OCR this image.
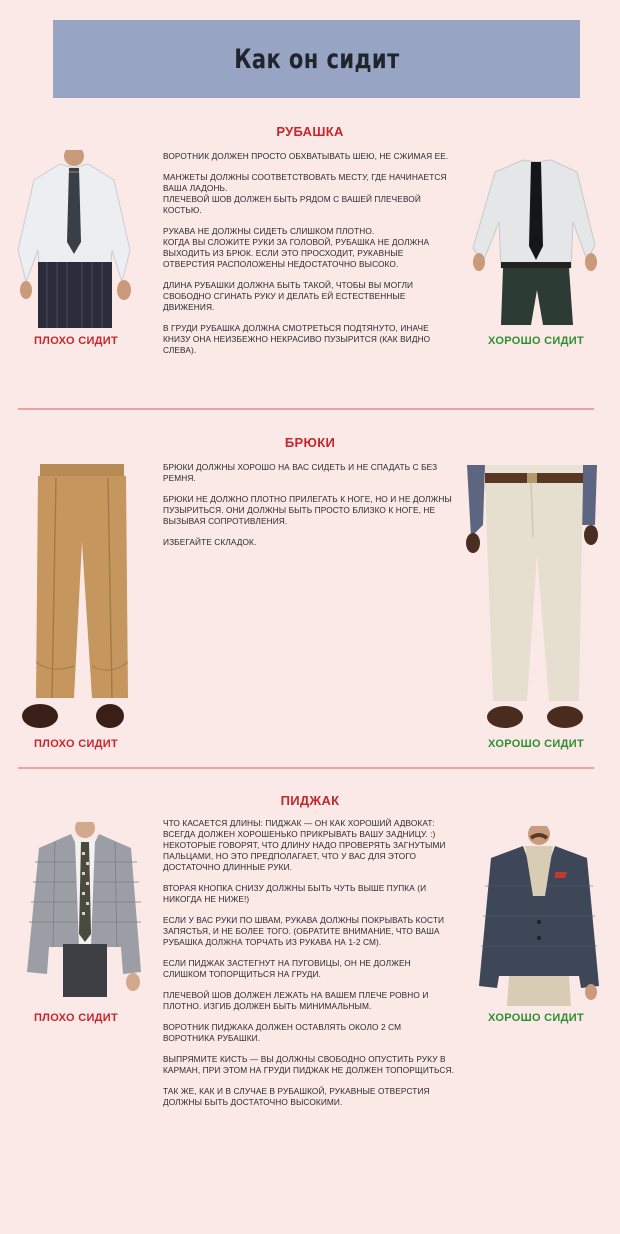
Как он сидит
РУБАШКА
ПЛОХО СИДИТ

ВОРОТНИК ДОЛЖЕН ПРОСТО ОБХВАТЫВАТЬ ШЕЮ, НЕ СЖИМАЯ ЕЕ.

МАНЖЕТЫ ДОЛЖНЫ СООТВЕТСТВОВАТЬ МЕСТУ, ГДЕ НАЧИНАЕТСЯ ВАША ЛАДОНЬ.
ПЛЕЧЕВОЙ ШОВ ДОЛЖЕН БЫТЬ РЯДОМ С ВАШЕЙ ПЛЕЧЕВОЙ КОСТЬЮ.

РУКАВА НЕ ДОЛЖНЫ СИДЕТЬ СЛИШКОМ ПЛОТНО.
КОГДА ВЫ СЛОЖИТЕ РУКИ ЗА ГОЛОВОЙ, РУБАШКА НЕ ДОЛЖНА ВЫХОДИТЬ ИЗ БРЮК. ЕСЛИ ЭТО ПРОСХОДИТ, РУКАВНЫЕ ОТВЕРСТИЯ РАСПОЛОЖЕНЫ НЕДОСТАТОЧНО ВЫСОКО.

ДЛИНА РУБАШКИ ДОЛЖНА БЫТЬ ТАКОЙ, ЧТОБЫ ВЫ МОГЛИ СВОБОДНО СГИНАТЬ РУКУ И ДЕЛАТЬ ЕЙ ЕСТЕСТВЕННЫЕ ДВИЖЕНИЯ.

В ГРУДИ РУБАШКА ДОЛЖНА СМОТРЕТЬСЯ ПОДТЯНУТО, ИНАЧЕ КНИЗУ ОНА НЕИЗБЕЖНО НЕКРАСИВО ПУЗЫРИТСЯ (КАК ВИДНО СЛЕВА).

ХОРОШО СИДИТ
БРЮКИ
ПЛОХО СИДИТ

БРЮКИ ДОЛЖНЫ ХОРОШО НА ВАС СИДЕТЬ И НЕ СПАДАТЬ С БЕЗ РЕМНЯ.

БРЮКИ НЕ ДОЛЖНО ПЛОТНО ПРИЛЕГАТЬ К НОГЕ, НО И НЕ ДОЛЖНЫ ПУЗЫРИТЬСЯ. ОНИ ДОЛЖНЫ БЫТЬ ПРОСТО БЛИЗКО К НОГЕ, НЕ ВЫЗЫВАЯ СОПРОТИВЛЕНИЯ.

ИЗБЕГАЙТЕ СКЛАДОК.

ХОРОШО СИДИТ
ПИДЖАК
ПЛОХО СИДИТ

ЧТО КАСАЕТСЯ ДЛИНЫ: ПИДЖАК — ОН КАК ХОРОШИЙ АДВОКАТ: ВСЕГДА ДОЛЖЕН ХОРОШЕНЬКО ПРИКРЫВАТЬ ВАШУ ЗАДНИЦУ. :) НЕКОТОРЫЕ ГОВОРЯТ, ЧТО ДЛИНУ НАДО ПРОВЕРЯТЬ ЗАГНУТЫМИ ПАЛЬЦАМИ, НО ЭТО ПРЕДПОЛАГАЕТ, ЧТО У ВАС ДЛЯ ЭТОГО ДОСТАТОЧНО ДЛИННЫЕ РУКИ.

ВТОРАЯ КНОПКА СНИЗУ ДОЛЖНЫ БЫТЬ ЧУТЬ ВЫШЕ ПУПКА (И НИКОГДА НЕ НИЖЕ!)

ЕСЛИ У ВАС РУКИ ПО ШВАМ, РУКАВА ДОЛЖНЫ ПОКРЫВАТЬ КОСТИ ЗАПЯСТЬЯ, И НЕ БОЛЕЕ ТОГО. (ОБРАТИТЕ ВНИМАНИЕ, ЧТО ВАША РУБАШКА ДОЛЖНА ТОРЧАТЬ ИЗ РУКАВА НА 1-2 СМ).

ЕСЛИ ПИДЖАК ЗАСТЕГНУТ НА ПУГОВИЦЫ, ОН НЕ ДОЛЖЕН СЛИШКОМ ТОПОРЩИТЬСЯ НА ГРУДИ.

ПЛЕЧЕВОЙ ШОВ ДОЛЖЕН ЛЕЖАТЬ НА ВАШЕМ ПЛЕЧЕ РОВНО И ПЛОТНО. ИЗГИБ ДОЛЖЕН БЫТЬ МИНИМАЛЬНЫМ.

ВОРОТНИК ПИДЖАКА ДОЛЖЕН ОСТАВЛЯТЬ ОКОЛО 2 СМ ВОРОТНИКА РУБАШКИ.

ВЫПРЯМИТЕ КИСТЬ — ВЫ ДОЛЖНЫ СВОБОДНО ОПУСТИТЬ РУКУ В КАРМАН, ПРИ ЭТОМ НА ГРУДИ ПИДЖАК НЕ ДОЛЖЕН ТОПОРЩИТЬСЯ.

ТАК ЖЕ, КАК И В СЛУЧАЕ В РУБАШКОЙ, РУКАВНЫЕ ОТВЕРСТИЯ ДОЛЖНЫ БЫТЬ ДОСТАТОЧНО ВЫСОКИМИ.

ХОРОШО СИДИТ
